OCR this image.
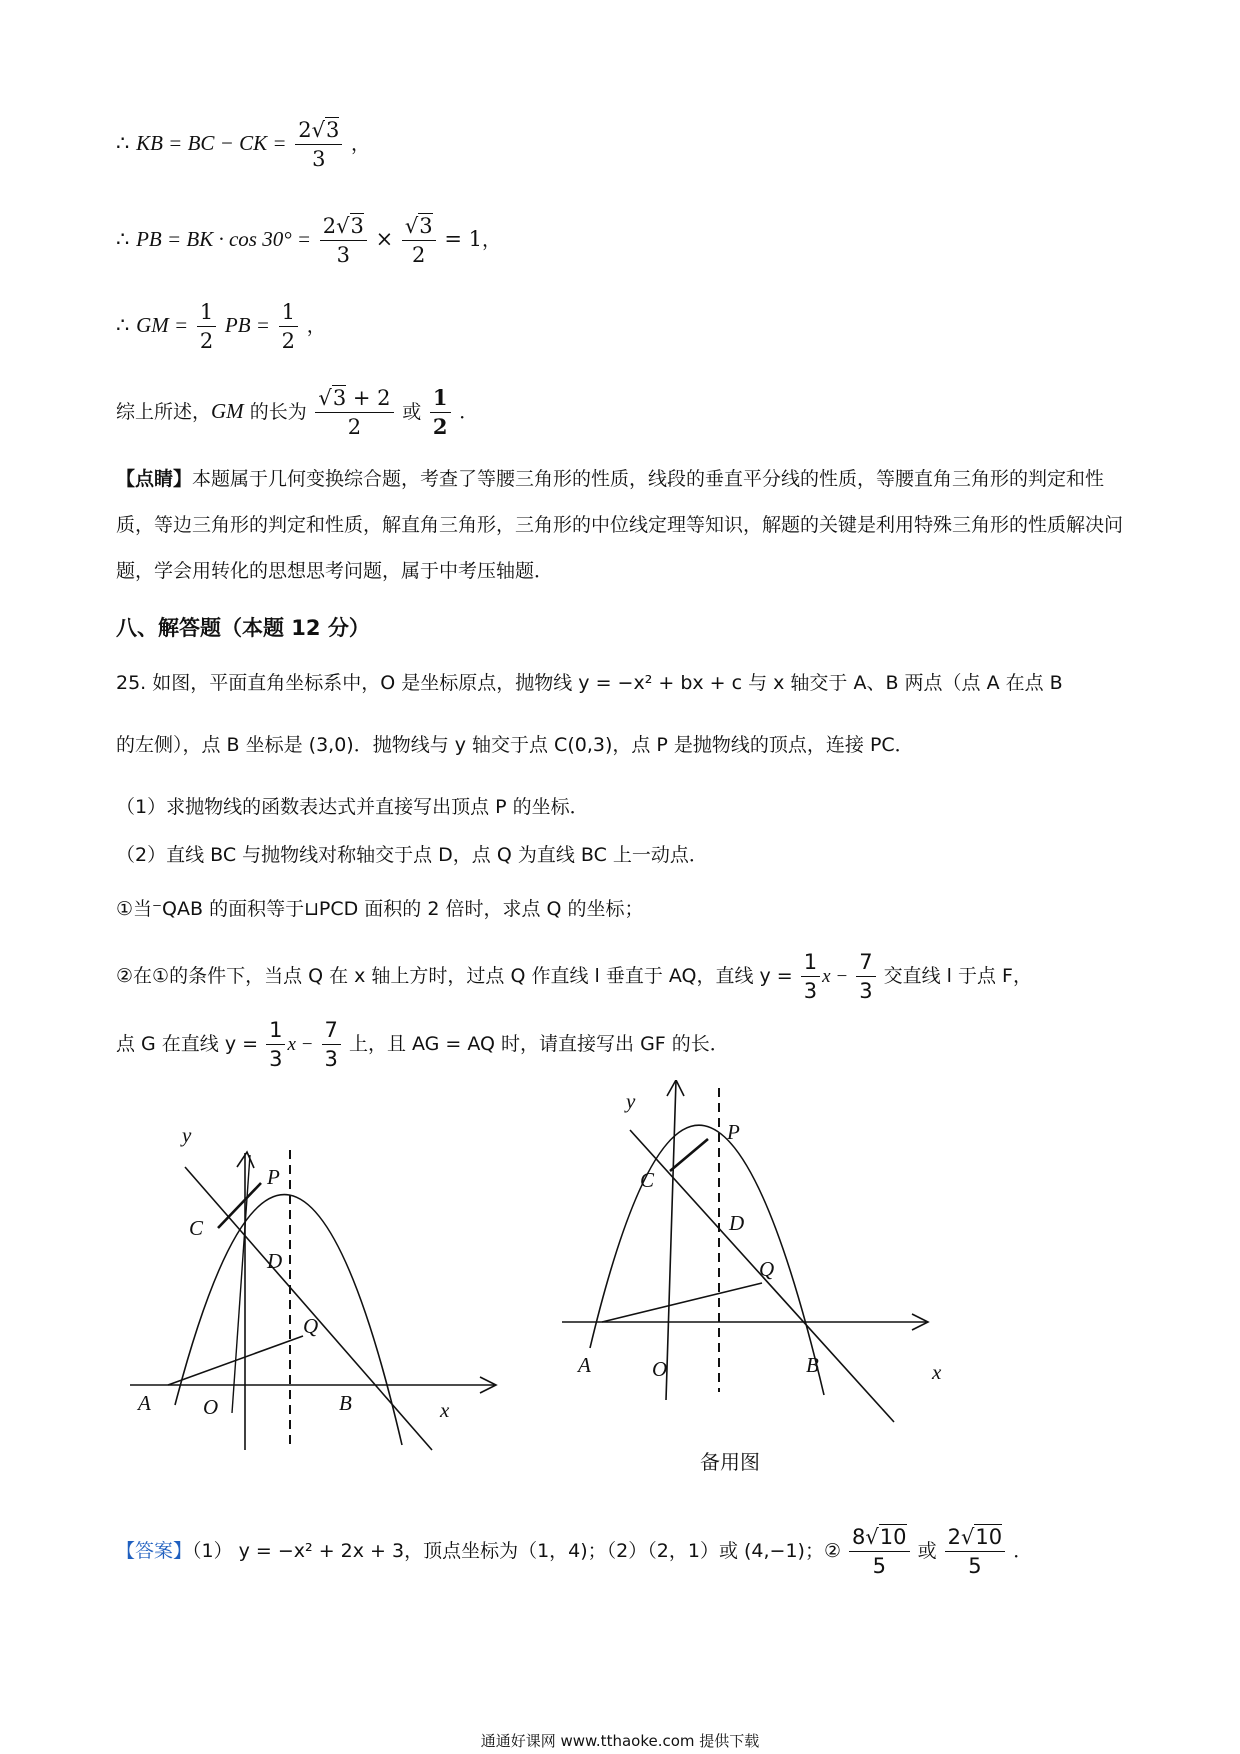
∴ KB = BC − CK = $\frac{2√3}{3}$ ，
∴ PB = BK · $\cos 30^\circ = \frac{2√3}{3} \times \frac{√3}{2} = 1$，
∴ GM = $\frac{1}{2}$ PB = $\frac{1}{2}$ ，
综上所述，GM 的长为 $\frac{√3 + 2}{2}$ 或 $\frac{1}{2}$ ．
【点睛】本题属于几何变换综合题，考查了等腰三角形的性质，线段的垂直平分线的性质，等腰直角三角形的判定和性质，等边三角形的判定和性质，解直角三角形，三角形的中位线定理等知识，解题的关键是利用特殊三角形的性质解决问题，学会用转化的思想思考问题，属于中考压轴题．
八、解答题（本题 12 分）
25. 如图，平面直角坐标系中，O 是坐标原点，抛物线 y = −x² + bx + c 与 x 轴交于 A、B 两点（点 A 在点 B
的左侧），点 B 坐标是 (3,0)．抛物线与 y 轴交于点 C(0,3)，点 P 是抛物线的顶点，连接 PC．
（1）求抛物线的函数表达式并直接写出顶点 P 的坐标．
（2）直线 BC 与抛物线对称轴交于点 D，点 Q 为直线 BC 上一动点．
①当⁻QAB 的面积等于⊔PCD 面积的 2 倍时，求点 Q 的坐标；
②在①的条件下，当点 Q 在 x 轴上方时，过点 Q 作直线 l 垂直于 AQ，直线 $y = \frac{1}{3}$ $x - \frac{7}{3}$ 交直线 l 于点 F，
点 G 在直线 $y = \frac{1}{3}$ $x - \frac{7}{3}$ 上，且 AG = AQ 时，请直接写出 GF 的长．
y
P
C
D
Q
A O	B	x
y
P
C
D
Q
A	O	B	x
备用图
【答案】（1） y = −x² + 2x + 3，顶点坐标为（1，4)；（2）（2，1）或 (4,−1)；② $\frac{8√10}{5}$ 或 $\frac{2√10}{5}$ ．
通通好课网 www.tthaoke.com 提供下载
